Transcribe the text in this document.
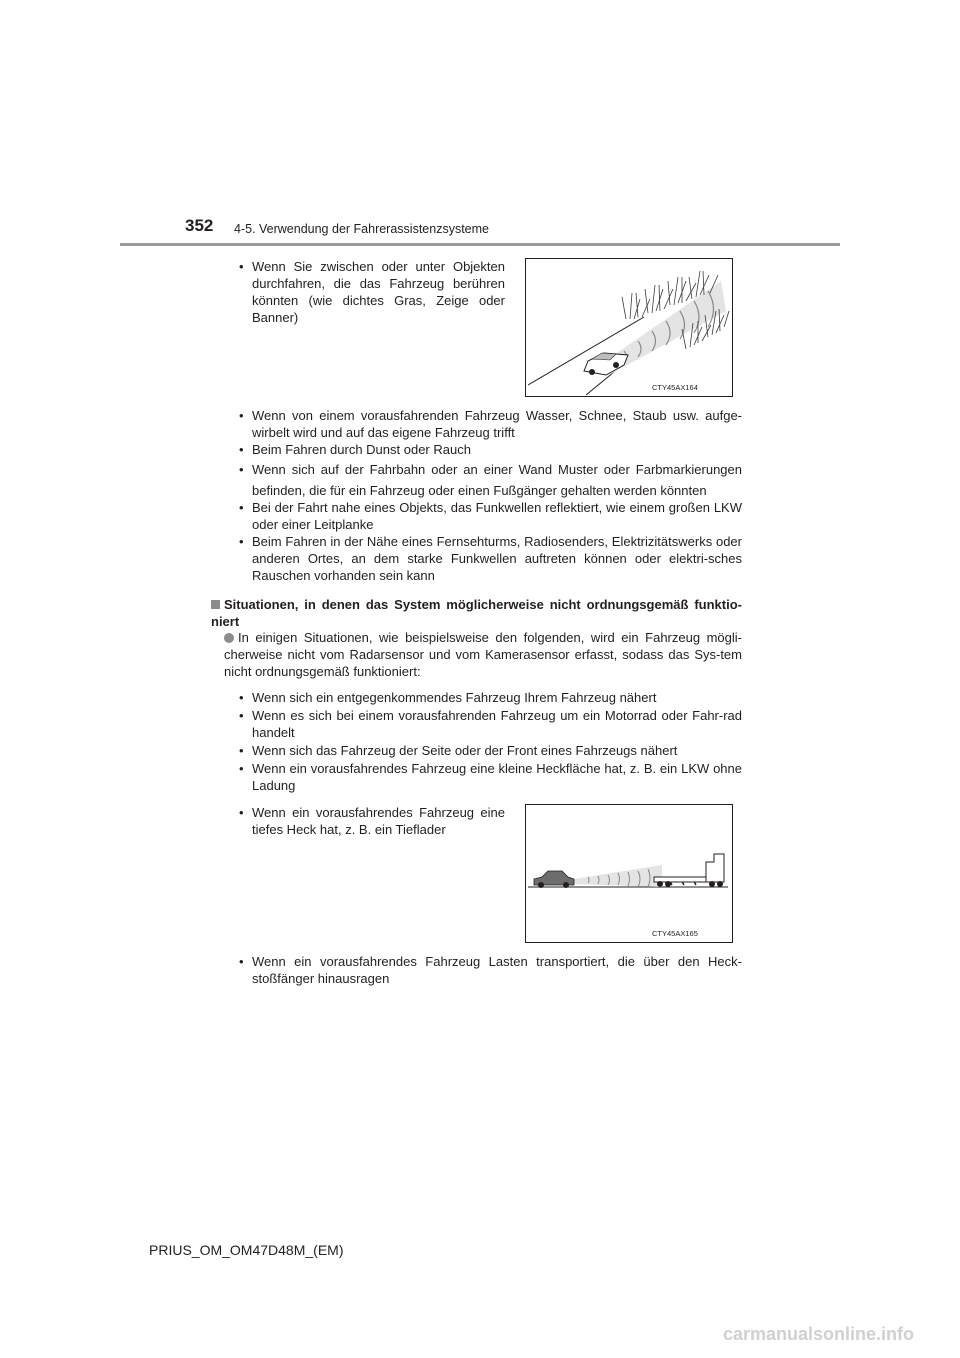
352 4-5. Verwendung der Fahrerassistenzsysteme
• Wenn Sie zwischen oder unter Objekten durchfahren, die das Fahrzeug berühren könnten (wie dichtes Gras, Zeige oder Banner)
CTY45AX164
• Wenn von einem vorausfahrenden Fahrzeug Wasser, Schnee, Staub usw. aufge-wirbelt wird und auf das eigene Fahrzeug trifft
• Beim Fahren durch Dunst oder Rauch
• Wenn sich auf der Fahrbahn oder an einer Wand Muster oder Farbmarkierungen befinden, die für ein Fahrzeug oder einen Fußgänger gehalten werden könnten
• Bei der Fahrt nahe eines Objekts, das Funkwellen reflektiert, wie einem großen LKW oder einer Leitplanke
• Beim Fahren in der Nähe eines Fernsehturms, Radiosenders, Elektrizitätswerks oder anderen Ortes, an dem starke Funkwellen auftreten können oder elektri-sches Rauschen vorhanden sein kann
Situationen, in denen das System möglicherweise nicht ordnungsgemäß funktio-niert
In einigen Situationen, wie beispielsweise den folgenden, wird ein Fahrzeug mögli-cherweise nicht vom Radarsensor und vom Kamerasensor erfasst, sodass das Sys-tem nicht ordnungsgemäß funktioniert:
• Wenn sich ein entgegenkommendes Fahrzeug Ihrem Fahrzeug nähert
• Wenn es sich bei einem vorausfahrenden Fahrzeug um ein Motorrad oder Fahr-rad handelt
• Wenn sich das Fahrzeug der Seite oder der Front eines Fahrzeugs nähert
• Wenn ein vorausfahrendes Fahrzeug eine kleine Heckfläche hat, z. B. ein LKW ohne Ladung
• Wenn ein vorausfahrendes Fahrzeug eine tiefes Heck hat, z. B. ein Tieflader
CTY45AX165
• Wenn ein vorausfahrendes Fahrzeug Lasten transportiert, die über den Heck-stoßfänger hinausragen
PRIUS_OM_OM47D48M_(EM)
carmanualsonline.info
